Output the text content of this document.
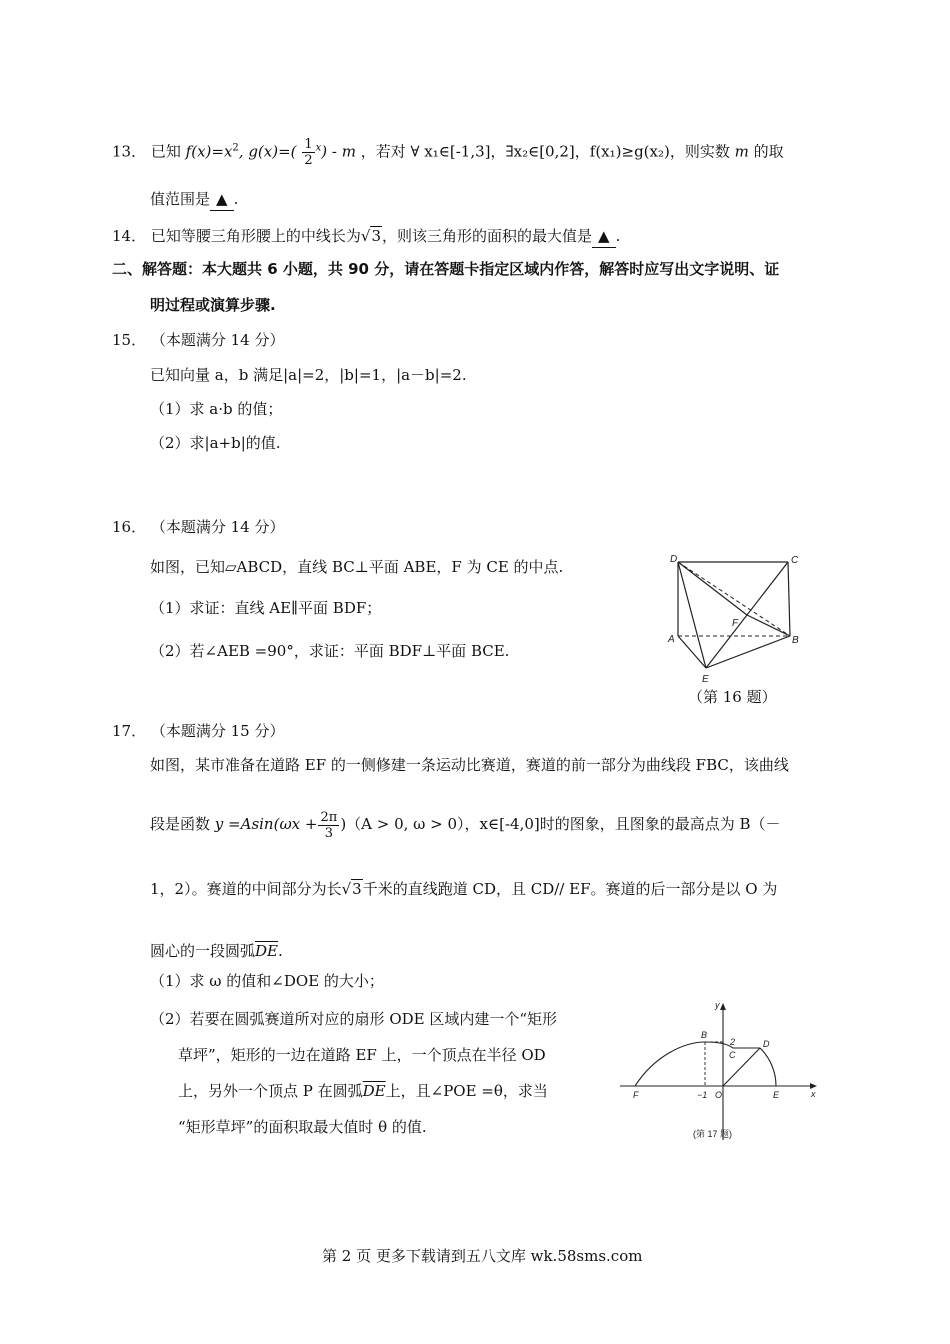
13． 已知 $f(x)=x^2$, $g(x)=( \frac{1}{2} ^x) - m$ ，若对 ∀ x₁∈[-1,3]，∃x₂∈[0,2]，f(x₁)≥g(x₂)，则实数 m 的取
值范围是 ▲ .
14． 已知等腰三角形腰上的中线长为√3，则该三角形的面积的最大值是 ▲ .
二、解答题：本大题共 6 小题，共 90 分，请在答题卡指定区域内作答，解答时应写出文字说明、证
明过程或演算步骤.
15． （本题满分 14 分）
已知向量 a，b 满足|a|=2，|b|=1，|a－b|=2.
（1）求 a·b 的值；
（2）求|a+b|的值.
16． （本题满分 14 分）
如图，已知▱ABCD，直线 BC⊥平面 ABE，F 为 CE 的中点.
（1）求证：直线 AE∥平面 BDF；
（2）若∠AEB =90°，求证：平面 BDF⊥平面 BCE.
D	C
A	B
E
F
（第 16 题）
17． （本题满分 15 分）
如图，某市准备在道路 EF 的一侧修建一条运动比赛道，赛道的前一部分为曲线段 FBC，该曲线
段是函数 $y =Asin(\omega x + \frac{2\pi}{3} )(A > 0$, ω > 0），x∈[-4,0]时的图象，且图象的最高点为 B（－
1，2）。赛道的中间部分为长√3千米的直线跑道 CD，且 CD// EF。赛道的后一部分是以 O 为
圆心的一段圆弧$\overline{DE}$.
（1）求 ω 的值和∠DOE 的大小；
（2）若要在圆弧赛道所对应的扇形 ODE 区域内建一个“矩形
草坪”，矩形的一边在道路 EF 上，一个顶点在半径 OD
上，另外一个顶点 P 在圆弧$\overline{DE}$上，且∠POE =θ，求当
“矩形草坪”的面积取最大值时 θ 的值.
y
x
B
2
C
D
F	−1 O	E
(第 17 题)
第 2 页 更多下载请到五八文库 wk.58sms.com
